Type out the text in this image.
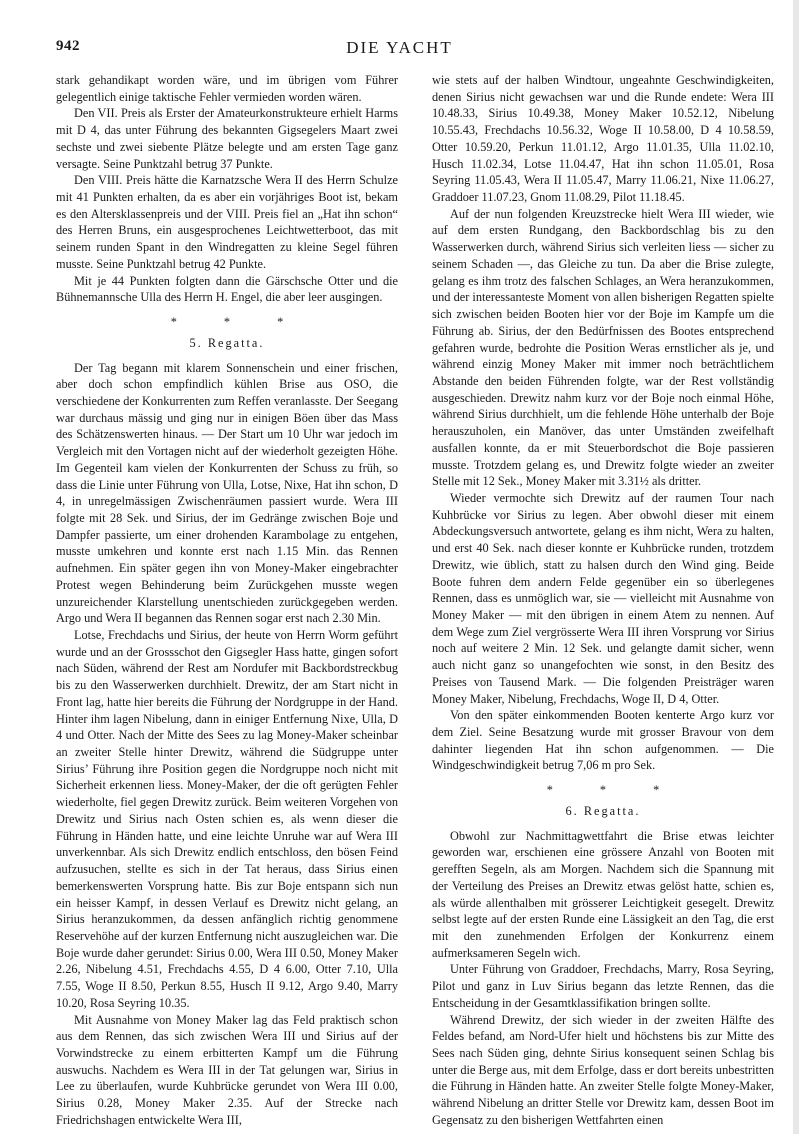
942	DIE YACHT

stark gehandikapt worden wäre, und im übrigen vom Führer gelegentlich einige taktische Fehler vermieden worden wären.

Den VII. Preis als Erster der Amateurkonstrukteure erhielt Harms mit D 4, das unter Führung des bekannten Gigsegelers Maart zwei sechste und zwei siebente Plätze belegte und am ersten Tage ganz versagte. Seine Punktzahl betrug 37 Punkte.

Den VIII. Preis hätte die Karnatzsche Wera II des Herrn Schulze mit 41 Punkten erhalten, da es aber ein vorjähriges Boot ist, bekam es den Altersklassenpreis und der VIII. Preis fiel an „Hat ihn schon“ des Herren Bruns, ein ausgesprochenes Leichtwetterboot, das mit seinem runden Spant in den Windregatten zu kleine Segel führen musste. Seine Punktzahl betrug 42 Punkte.

Mit je 44 Punkten folgten dann die Gärschsche Otter und die Bühnemannsche Ulla des Herrn H. Engel, die aber leer ausgingen.

* * *
5. Regatta.

Der Tag begann mit klarem Sonnenschein und einer frischen, aber doch schon empfindlich kühlen Brise aus OSO, die verschiedene der Konkurrenten zum Reffen veranlasste. Der Seegang war durchaus mässig und ging nur in einigen Böen über das Mass des Schätzenswerten hinaus. — Der Start um 10 Uhr war jedoch im Vergleich mit den Vortagen nicht auf der wiederholt gezeigten Höhe. Im Gegenteil kam vielen der Konkurrenten der Schuss zu früh, so dass die Linie unter Führung von Ulla, Lotse, Nixe, Hat ihn schon, D 4, in unregelmässigen Zwischenräumen passiert wurde. Wera III folgte mit 28 Sek. und Sirius, der im Gedränge zwischen Boje und Dampfer passierte, um einer drohenden Karambolage zu entgehen, musste umkehren und konnte erst nach 1.15 Min. das Rennen aufnehmen. Ein später gegen ihn von Money-Maker eingebrachter Protest wegen Behinderung beim Zurückgehen musste wegen unzureichender Klarstellung unentschieden zurückgegeben werden. Argo und Wera II begannen das Rennen sogar erst nach 2.30 Min.

Lotse, Frechdachs und Sirius, der heute von Herrn Worm geführt wurde und an der Grossschot den Gigsegler Hass hatte, gingen sofort nach Süden, während der Rest am Nordufer mit Backbordstreckbug bis zu den Wasserwerken durchhielt. Drewitz, der am Start nicht in Front lag, hatte hier bereits die Führung der Nordgruppe in der Hand. Hinter ihm lagen Nibelung, dann in einiger Entfernung Nixe, Ulla, D 4 und Otter. Nach der Mitte des Sees zu lag Money-Maker scheinbar an zweiter Stelle hinter Drewitz, während die Südgruppe unter Sirius’ Führung ihre Position gegen die Nordgruppe noch nicht mit Sicherheit erkennen liess. Money-Maker, der die oft gerügten Fehler wiederholte, fiel gegen Drewitz zurück. Beim weiteren Vorgehen von Drewitz und Sirius nach Osten schien es, als wenn dieser die Führung in Händen hatte, und eine leichte Unruhe war auf Wera III unverkennbar. Als sich Drewitz endlich entschloss, den bösen Feind aufzusuchen, stellte es sich in der Tat heraus, dass Sirius einen bemerkenswerten Vorsprung hatte. Bis zur Boje entspann sich nun ein heisser Kampf, in dessen Verlauf es Drewitz nicht gelang, an Sirius heranzukommen, da dessen anfänglich richtig genommene Reservehöhe auf der kurzen Entfernung nicht auszugleichen war. Die Boje wurde daher gerundet: Sirius 0.00, Wera III 0.50, Money Maker 2.26, Nibelung 4.51, Frechdachs 4.55, D 4 6.00, Otter 7.10, Ulla 7.55, Woge II 8.50, Perkun 8.55, Husch II 9.12, Argo 9.40, Marry 10.20, Rosa Seyring 10.35.

Mit Ausnahme von Money Maker lag das Feld praktisch schon aus dem Rennen, das sich zwischen Wera III und Sirius auf der Vorwindstrecke zu einem erbitterten Kampf um die Führung auswuchs. Nachdem es Wera III in der Tat gelungen war, Sirius in Lee zu überlaufen, wurde Kuhbrücke gerundet von Wera III 0.00, Sirius 0.28, Money Maker 2.35. Auf der Strecke nach Friedrichshagen entwickelte Wera III,

wie stets auf der halben Windtour, ungeahnte Geschwindigkeiten, denen Sirius nicht gewachsen war und die Runde endete: Wera III 10.48.33, Sirius 10.49.38, Money Maker 10.52.12, Nibelung 10.55.43, Frechdachs 10.56.32, Woge II 10.58.00, D 4 10.58.59, Otter 10.59.20, Perkun 11.01.12, Argo 11.01.35, Ulla 11.02.10, Husch 11.02.34, Lotse 11.04.47, Hat ihn schon 11.05.01, Rosa Seyring 11.05.43, Wera II 11.05.47, Marry 11.06.21, Nixe 11.06.27, Graddoer 11.07.23, Gnom 11.08.29, Pilot 11.18.45.

Auf der nun folgenden Kreuzstrecke hielt Wera III wieder, wie auf dem ersten Rundgang, den Backbordschlag bis zu den Wasserwerken durch, während Sirius sich verleiten liess — sicher zu seinem Schaden —, das Gleiche zu tun. Da aber die Brise zulegte, gelang es ihm trotz des falschen Schlages, an Wera heranzukommen, und der interessanteste Moment von allen bisherigen Regatten spielte sich zwischen beiden Booten hier vor der Boje im Kampfe um die Führung ab. Sirius, der den Bedürfnissen des Bootes entsprechend gefahren wurde, bedrohte die Position Weras ernstlicher als je, und während einzig Money Maker mit immer noch beträchtlichem Abstande den beiden Führenden folgte, war der Rest vollständig ausgeschieden. Drewitz nahm kurz vor der Boje noch einmal Höhe, während Sirius durchhielt, um die fehlende Höhe unterhalb der Boje herauszuholen, ein Manöver, das unter Umständen zweifelhaft ausfallen konnte, da er mit Steuerbordschot die Boje passieren musste. Trotzdem gelang es, und Drewitz folgte wieder an zweiter Stelle mit 12 Sek., Money Maker mit 3.31½ als dritter.

Wieder vermochte sich Drewitz auf der raumen Tour nach Kuhbrücke vor Sirius zu legen. Aber obwohl dieser mit einem Abdeckungsversuch antwortete, gelang es ihm nicht, Wera zu halten, und erst 40 Sek. nach dieser konnte er Kuhbrücke runden, trotzdem Drewitz, wie üblich, statt zu halsen durch den Wind ging. Beide Boote fuhren dem andern Felde gegenüber ein so überlegenes Rennen, dass es unmöglich war, sie — vielleicht mit Ausnahme von Money Maker — mit den übrigen in einem Atem zu nennen. Auf dem Wege zum Ziel vergrösserte Wera III ihren Vorsprung vor Sirius noch auf weitere 2 Min. 12 Sek. und gelangte damit sicher, wenn auch nicht ganz so unangefochten wie sonst, in den Besitz des Preises von Tausend Mark. — Die folgenden Preisträger waren Money Maker, Nibelung, Frechdachs, Woge II, D 4, Otter.

Von den später einkommenden Booten kenterte Argo kurz vor dem Ziel. Seine Besatzung wurde mit grosser Bravour von dem dahinter liegenden Hat ihn schon aufgenommen. — Die Windgeschwindigkeit betrug 7,06 m pro Sek.

* * *
6. Regatta.

Obwohl zur Nachmittagwettfahrt die Brise etwas leichter geworden war, erschienen eine grössere Anzahl von Booten mit gerefften Segeln, als am Morgen. Nachdem sich die Spannung mit der Verteilung des Preises an Drewitz etwas gelöst hatte, schien es, als würde allenthalben mit grösserer Leichtigkeit gesegelt. Drewitz selbst legte auf der ersten Runde eine Lässigkeit an den Tag, die erst mit den zunehmenden Erfolgen der Konkurrenz einem aufmerksameren Segeln wich.

Unter Führung von Graddoer, Frechdachs, Marry, Rosa Seyring, Pilot und ganz in Luv Sirius begann das letzte Rennen, das die Entscheidung in der Gesamtklassifikation bringen sollte.

Während Drewitz, der sich wieder in der zweiten Hälfte des Feldes befand, am Nord-Ufer hielt und höchstens bis zur Mitte des Sees nach Süden ging, dehnte Sirius konsequent seinen Schlag bis unter die Berge aus, mit dem Erfolge, dass er dort bereits unbestritten die Führung in Händen hatte. An zweiter Stelle folgte Money-Maker, während Nibelung an dritter Stelle vor Drewitz kam, dessen Boot im Gegensatz zu den bisherigen Wettfahrten einen
